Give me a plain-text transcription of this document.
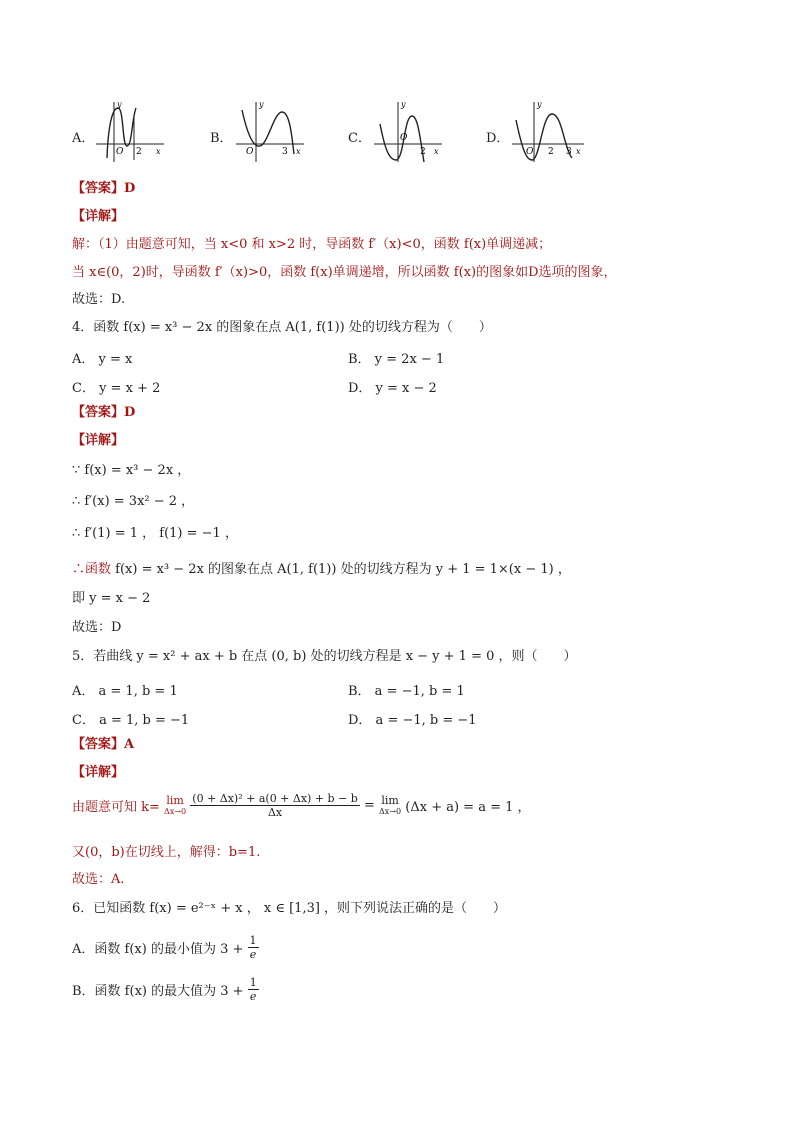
A．
O 2 x
y
B．
O	3 x
y
C．	O
2 x
y
D．
O 2 3 x
y
【答案】D
【详解】
解：（1）由题意可知，当 x<0 和 x>2 时，导函数 f′（x)<0，函数 f(x)单调递减；
当 x∈(0，2)时，导函数 f′（x)>0，函数 f(x)单调递增，所以函数 f(x)的图象如D选项的图象，
故选：D.
4．函数 f(x) = x³ − 2x 的图象在点 A(1, f(1)) 处的切线方程为（　　）
A． y = x	B． y = 2x − 1
C． y = x + 2	D． y = x − 2
【答案】D
【详解】
∵ f(x) = x³ − 2x ，
∴ f′(x) = 3x² − 2 ，
∴ f′(1) = 1 ， f(1) = −1 ，
∴函数 f(x) = x³ − 2x 的图象在点 A(1, f(1)) 处的切线方程为 y + 1 = 1×(x − 1) ，
即 y = x − 2
故选：D
5．若曲线 y = x² + ax + b 在点 (0, b) 处的切线方程是 x − y + 1 = 0 ，则（　　）
A． a = 1, b = 1	B． a = −1, b = 1
C． a = 1, b = −1	D． a = −1, b = −1
【答案】A
【详解】
由题意可知 k= lim
Δx→0
$\frac{\text{(0 + Δx)² + a(0 + Δx) + b − b}}{\Delta x} = \lim$
Δx→0 (Δx + a) = a = 1 ，
又(0，b)在切线上，解得：b=1.
故选：A.
6．已知函数 f(x) = e²⁻ˣ + x ， x ∈ [1,3] ，则下列说法正确的是（　　）
A．函数 f(x) 的最小值为 $3 + \frac{1}{e}$
B．函数 f(x) 的最大值为 $3 + \frac{1}{e}$
